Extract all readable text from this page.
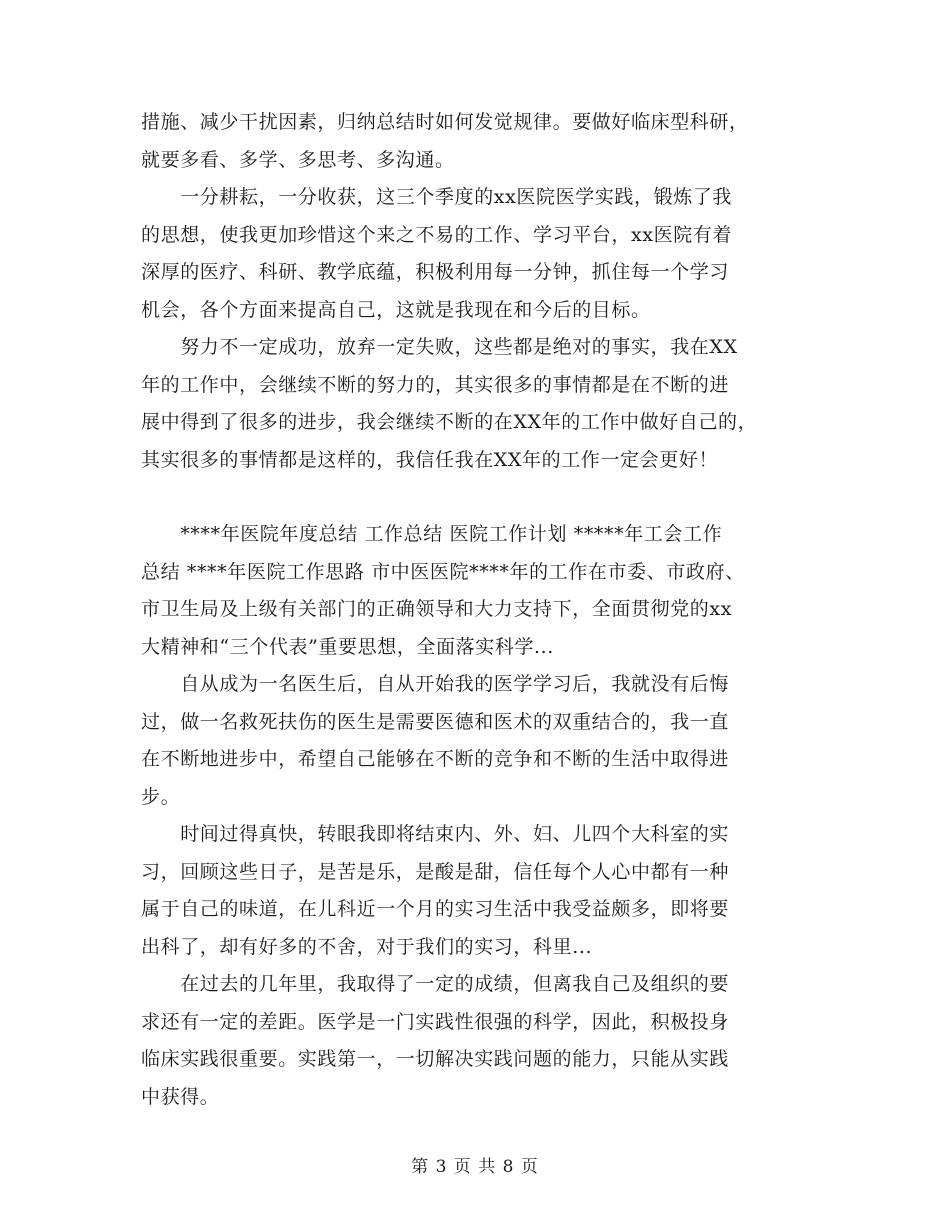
措施、减少干扰因素，归纳总结时如何发觉规律。要做好临床型科研，
就要多看、多学、多思考、多沟通。
　　一分耕耘，一分收获，这三个季度的xx医院医学实践，锻炼了我
的思想，使我更加珍惜这个来之不易的工作、学习平台，xx医院有着
深厚的医疗、科研、教学底蕴，积极利用每一分钟，抓住每一个学习
机会，各个方面来提高自己，这就是我现在和今后的目标。
　　努力不一定成功，放弃一定失败，这些都是绝对的事实，我在XX
年的工作中，会继续不断的努力的，其实很多的事情都是在不断的进
展中得到了很多的进步，我会继续不断的在XX年的工作中做好自己的，
其实很多的事情都是这样的，我信任我在XX年的工作一定会更好！
　　****年医院年度总结 工作总结 医院工作计划 *****年工会工作
总结 ****年医院工作思路 市中医医院****年的工作在市委、市政府、
市卫生局及上级有关部门的正确领导和大力支持下，全面贯彻党的xx
大精神和“三个代表”重要思想，全面落实科学...
　　自从成为一名医生后，自从开始我的医学学习后，我就没有后悔
过，做一名救死扶伤的医生是需要医德和医术的双重结合的，我一直
在不断地进步中，希望自己能够在不断的竞争和不断的生活中取得进
步。
　　时间过得真快，转眼我即将结束内、外、妇、儿四个大科室的实
习，回顾这些日子，是苦是乐，是酸是甜，信任每个人心中都有一种
属于自己的味道，在儿科近一个月的实习生活中我受益颇多，即将要
出科了，却有好多的不舍，对于我们的实习，科里...
　　在过去的几年里，我取得了一定的成绩，但离我自己及组织的要
求还有一定的差距。医学是一门实践性很强的科学，因此，积极投身
临床实践很重要。实践第一，一切解决实践问题的能力，只能从实践
中获得。
第 3 页 共 8 页
